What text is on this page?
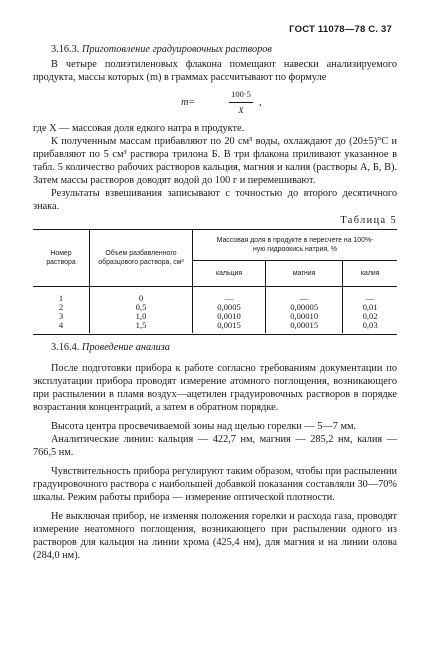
ГОСТ 11078—78 С. 37

3.16.3. Приготовление градуировочных растворов

В четыре полиэтиленовых флакона помещают навески анализируемого продукта, массы которых (m) в граммах рассчитывают по формуле

m=	$\frac{100\cdot 5}{X}$ ,

где X — массовая доля едкого натра в продукте.

К полученным массам прибавляют по 20 см³ воды, охлаждают до (20±5)°С и прибавляют по 5 см³ раствора трилона Б. В три флакона приливают указанное в табл. 5 количество рабочих растворов кальция, магния и калия (растворы А, Б, В). Затем массы растворов доводят водой до 100 г и перемешивают.

Результаты взвешивания записывают с точностью до второго десятичного знака.

Таблица 5

Номер раствора	Объем разбавленного образцового раствора, см³	Массовая доля в продукте в пересчете на 100%-ную гидроокись натрия, %		
		кальция	магния	калия
1	0	—	—	—
2	0,5	0,0005	0,00005	0,01
3	1,0	0,0010	0,00010	0,02
4	1,5	0,0015	0,00015	0,03

3.16.4. Проведение анализа

После подготовки прибора к работе согласно требованиям документации по эксплуатации прибора проводят измерение атомного поглощения, возникающего при распылении в пламя воздух—ацетилен градуировочных растворов в порядке возрастания концентраций, а затем в обратном порядке.

Высота центра просвечиваемой зоны над щелью горелки — 5—7 мм.

Аналитические линии: кальция — 422,7 нм, магния — 285,2 нм, калия — 766,5 нм.

Чувствительность прибора регулируют таким образом, чтобы при распылении градуировочного раствора с наибольшей добавкой показания составляли 30—70% шкалы. Режим работы прибора — измерение оптической плотности.

Не выключая прибор, не изменяя положения горелки и расхода газа, проводят измерение неатомного поглощения, возникающего при распылении одного из растворов для кальция на линии хрома (425,4 нм), для магния и на линии олова (284,0 нм).
